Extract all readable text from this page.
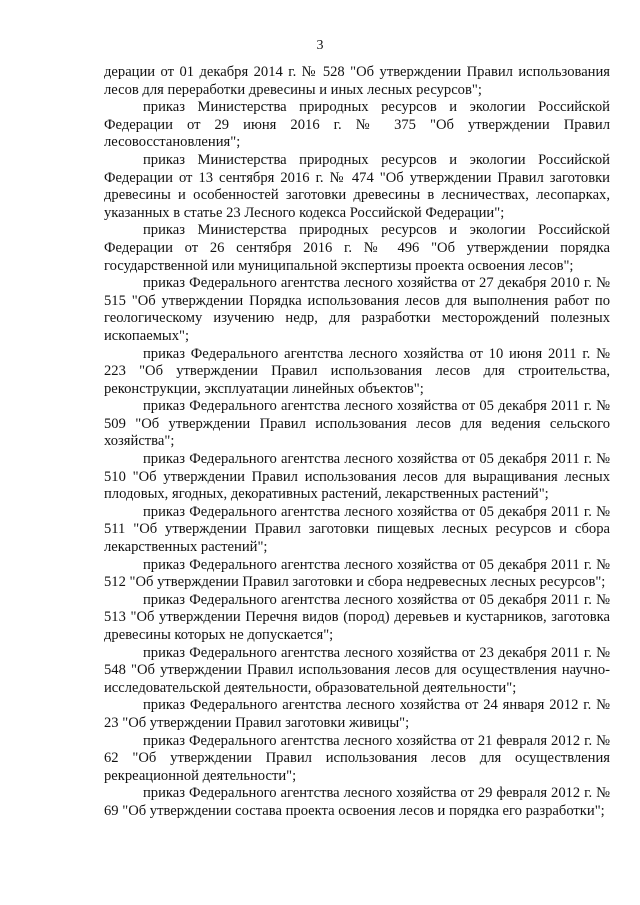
3

дерации от 01 декабря 2014 г. № 528 "Об утверждении Правил использования лесов для переработки древесины и иных лесных ресурсов";

приказ Министерства природных ресурсов и экологии Российской Федерации от 29 июня 2016 г. № 375 "Об утверждении Правил лесовосстановления";

приказ Министерства природных ресурсов и экологии Российской Федерации от 13 сентября 2016 г. № 474 "Об утверждении Правил заготовки древесины и особенностей заготовки древесины в лесничествах, лесопарках, указанных в статье 23 Лесного кодекса Российской Федерации";

приказ Министерства природных ресурсов и экологии Российской Федерации от 26 сентября 2016 г. № 496 "Об утверждении порядка государственной или муниципальной экспертизы проекта освоения лесов";

приказ Федерального агентства лесного хозяйства от 27 декабря 2010 г. № 515 "Об утверждении Порядка использования лесов для выполнения работ по геологическому изучению недр, для разработки месторождений полезных ископаемых";

приказ Федерального агентства лесного хозяйства от 10 июня 2011 г. № 223 "Об утверждении Правил использования лесов для строительства, реконструкции, эксплуатации линейных объектов";

приказ Федерального агентства лесного хозяйства от 05 декабря 2011 г. № 509 "Об утверждении Правил использования лесов для ведения сельского хозяйства";

приказ Федерального агентства лесного хозяйства от 05 декабря 2011 г. № 510 "Об утверждении Правил использования лесов для выращивания лесных плодовых, ягодных, декоративных растений, лекарственных растений";

приказ Федерального агентства лесного хозяйства от 05 декабря 2011 г. № 511 "Об утверждении Правил заготовки пищевых лесных ресурсов и сбора лекарственных растений";

приказ Федерального агентства лесного хозяйства от 05 декабря 2011 г. № 512 "Об утверждении Правил заготовки и сбора недревесных лесных ресурсов";

приказ Федерального агентства лесного хозяйства от 05 декабря 2011 г. № 513 "Об утверждении Перечня видов (пород) деревьев и кустарников, заготовка древесины которых не допускается";

приказ Федерального агентства лесного хозяйства от 23 декабря 2011 г. № 548 "Об утверждении Правил использования лесов для осуществления научно-исследовательской деятельности, образовательной деятельности";

приказ Федерального агентства лесного хозяйства от 24 января 2012 г. № 23 "Об утверждении Правил заготовки живицы";

приказ Федерального агентства лесного хозяйства от 21 февраля 2012 г. № 62 "Об утверждении Правил использования лесов для осуществления рекреационной деятельности";

приказ Федерального агентства лесного хозяйства от 29 февраля 2012 г. № 69 "Об утверждении состава проекта освоения лесов и порядка его разработки";
